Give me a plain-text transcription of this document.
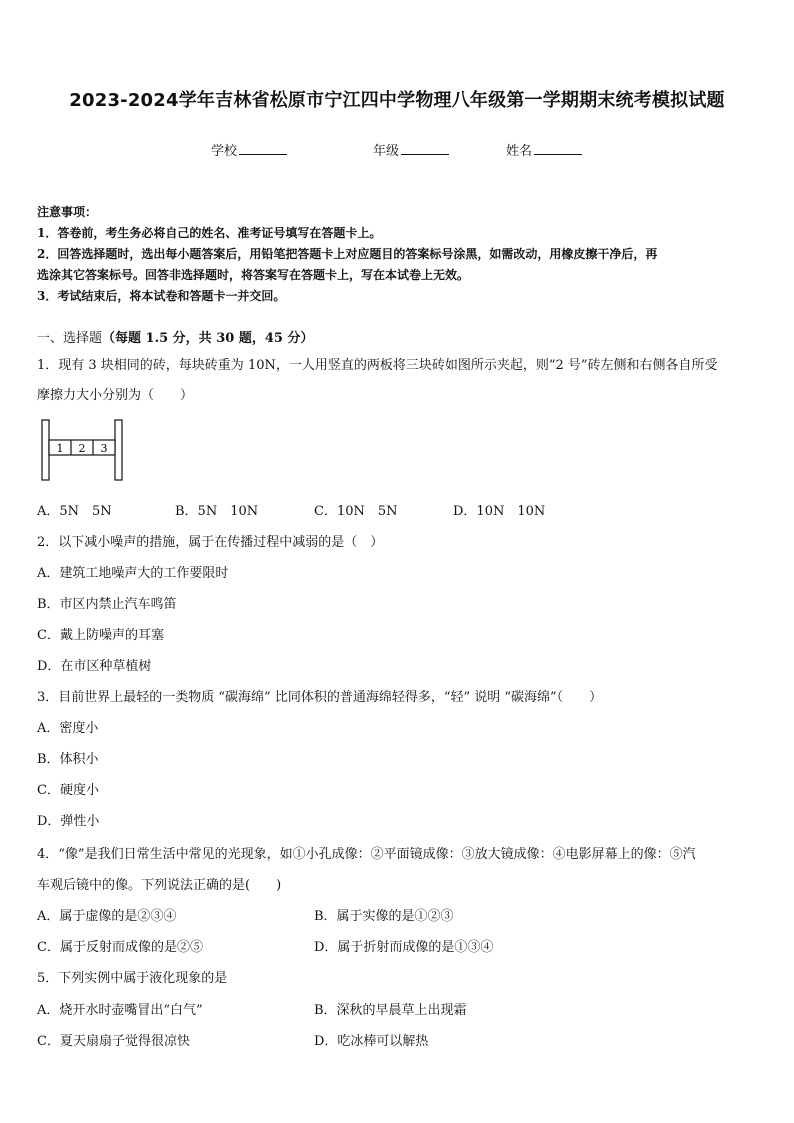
2023-2024学年吉林省松原市宁江四中学物理八年级第一学期期末统考模拟试题
学校	年级	姓名
注意事项：
1．答卷前，考生务必将自己的姓名、准考证号填写在答题卡上。
2．回答选择题时，选出每小题答案后，用铅笔把答题卡上对应题目的答案标号涂黑，如需改动，用橡皮擦干净后，再
选涂其它答案标号。回答非选择题时，将答案写在答题卡上，写在本试卷上无效。
3．考试结束后，将本试卷和答题卡一并交回。
一、选择题（每题 1.5 分，共 30 题，45 分）
1．现有 3 块相同的砖，每块砖重为 10N，一人用竖直的两板将三块砖如图所示夹起，则“2 号”砖左侧和右侧各自所受
摩擦力大小分别为（　　）
1 2 3
A．5N　5N	B．5N　10N	C．10N　5N	D．10N　10N
2．以下减小噪声的措施，属于在传播过程中减弱的是（　）
A．建筑工地噪声大的工作要限时
B．市区内禁止汽车鸣笛
C．戴上防噪声的耳塞
D．在市区种草植树
3．目前世界上最轻的一类物质 “碳海绵” 比同体积的普通海绵轻得多，“轻” 说明 “碳海绵”（　　）
A．密度小
B．体积小
C．硬度小
D．弹性小
4．“像”是我们日常生活中常见的光现象，如①小孔成像：②平面镜成像：③放大镜成像：④电影屏幕上的像：⑤汽
车观后镜中的像。下列说法正确的是(　　)
A．属于虚像的是②③④	B．属于实像的是①②③
C．属于反射而成像的是②⑤	D．属于折射而成像的是①③④
5．下列实例中属于液化现象的是
A．烧开水时壶嘴冒出“白气”	B．深秋的早晨草上出现霜
C．夏天扇扇子觉得很凉快	D．吃冰棒可以解热
